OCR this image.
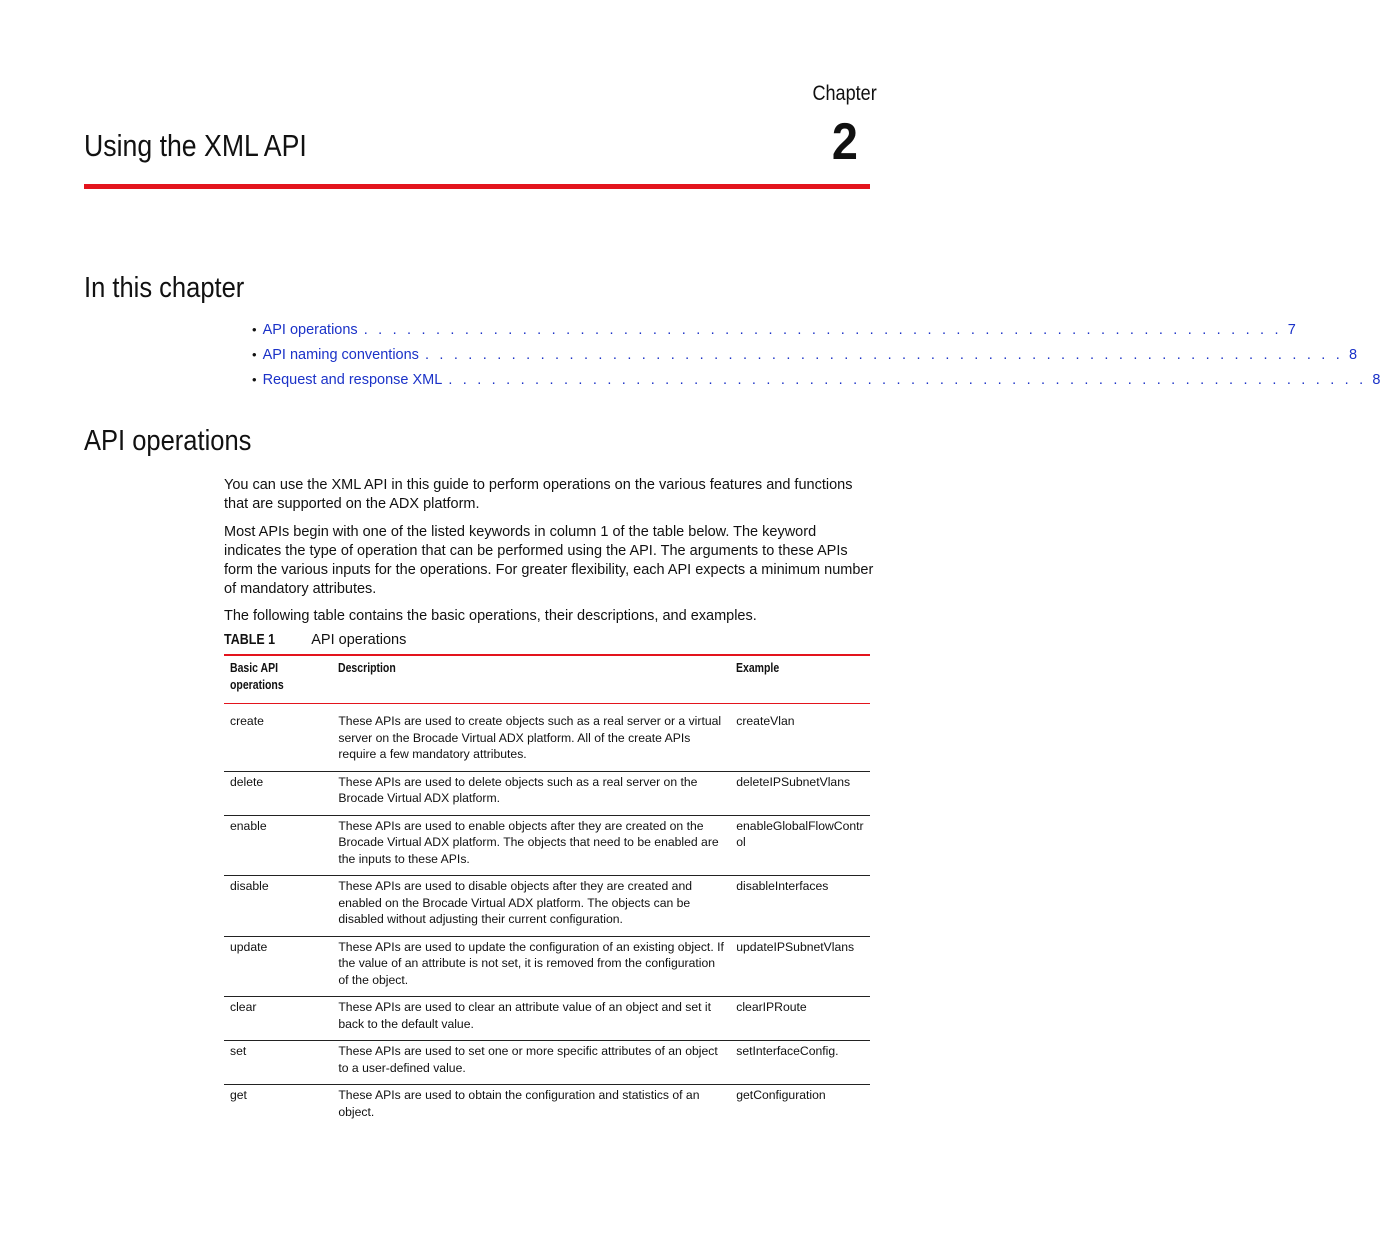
Chapter
2
Using the XML API
In this chapter
• API operations . . . . . . . . . . . . . . . . . . . . . . . . . . . . . . . . . . . . . . . . . . . . . . . . . . . . . . . . . . . . . . . . 7
• API naming conventions . . . . . . . . . . . . . . . . . . . . . . . . . . . . . . . . . . . . . . . . . . . . . . . . . . . . . . . . . . . . . . . . 8
• Request and response XML . . . . . . . . . . . . . . . . . . . . . . . . . . . . . . . . . . . . . . . . . . . . . . . . . . . . . . . . . . . . . . . . 8
API operations

You can use the XML API in this guide to perform operations on the various features and functions that are supported on the ADX platform.

Most APIs begin with one of the listed keywords in column 1 of the table below. The keyword indicates the type of operation that can be performed using the API. The arguments to these APIs form the various inputs for the operations. For greater flexibility, each API expects a minimum number of mandatory attributes.

The following table contains the basic operations, their descriptions, and examples.

TABLE 1 API operations
Basic API operations	Description	Example
create	These APIs are used to create objects such as a real server or a virtual server on the Brocade Virtual ADX platform. All of the create APIs require a few mandatory attributes.	createVlan
delete	These APIs are used to delete objects such as a real server on the Brocade Virtual ADX platform.	deleteIPSubnetVlans
enable	These APIs are used to enable objects after they are created on the Brocade Virtual ADX platform. The objects that need to be enabled are the inputs to these APIs.	enableGlobalFlowControl
disable	These APIs are used to disable objects after they are created and enabled on the Brocade Virtual ADX platform. The objects can be disabled without adjusting their current configuration.	disableInterfaces
update	These APIs are used to update the configuration of an existing object. If the value of an attribute is not set, it is removed from the configuration of the object.	updateIPSubnetVlans
clear	These APIs are used to clear an attribute value of an object and set it back to the default value.	clearIPRoute
set	These APIs are used to set one or more specific attributes of an object to a user-defined value.	setInterfaceConfig.
get	These APIs are used to obtain the configuration and statistics of an object.	getConfiguration
